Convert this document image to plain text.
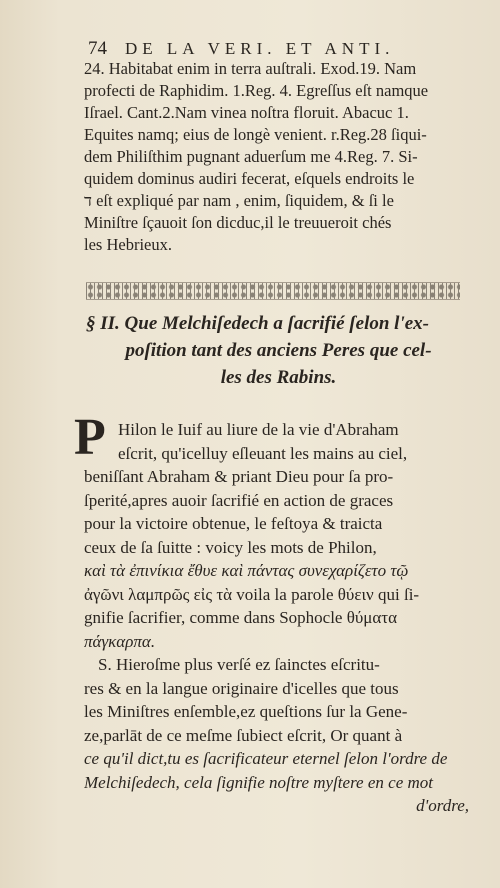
74 DE LA VERI. ET ANTI.
24. Habitabat enim in terra auſtrali. Exod.19. Nam
profecti de Raphidim. 1.Reg. 4. Egreſſus eſt namque
Iſrael. Cant.2.Nam vinea noſtra floruit. Abacuc 1.
Equites namq; eius de longè venient. r.Reg.28 ſiqui-
dem Philiſthim pugnant aduerſum me 4.Reg. 7. Si-
quidem dominus audiri fecerat, eſquels endroits le
ד eſt expliqué par nam , enim, ſiquidem, & ſi le
Miniſtre ſçauoit ſon dicduc,il le treuueroit chés
les Hebrieux.
§ II. Que Melchiſedech a ſacrifié ſelon l'ex-
poſition tant des anciens Peres que cel-
les des Rabins.
P Hilon le Iuif au liure de la vie d'Abraham
eſcrit, qu'icelluy eſleuant les mains au ciel,
beniſſant Abraham & priant Dieu pour ſa pro-
ſperité,apres auoir ſacrifié en action de graces
pour la victoire obtenue, le feſtoya & traicta
ceux de ſa ſuitte : voicy les mots de Philon,
καὶ τὰ ἐπινίκια ἔθυε καὶ πάντας συνεχαρίζετο τῷ
ἀγῶνι λαμπρῶς εἰς τὰ voila la parole θύειν qui ſi-
gnifie ſacrifier, comme dans Sophocle θύματα
πάγκαρπα.
S. Hieroſme plus verſé ez ſainctes eſcritu-
res & en la langue originaire d'icelles que tous
les Miniſtres enſemble,ez queſtions ſur la Gene-
ze,parlāt de ce meſme ſubiect eſcrit, Or quant à
ce qu'il dict,tu es ſacrificateur eternel ſelon l'ordre de
Melchiſedech, cela ſignifie noſtre myſtere en ce mot
d'ordre,
